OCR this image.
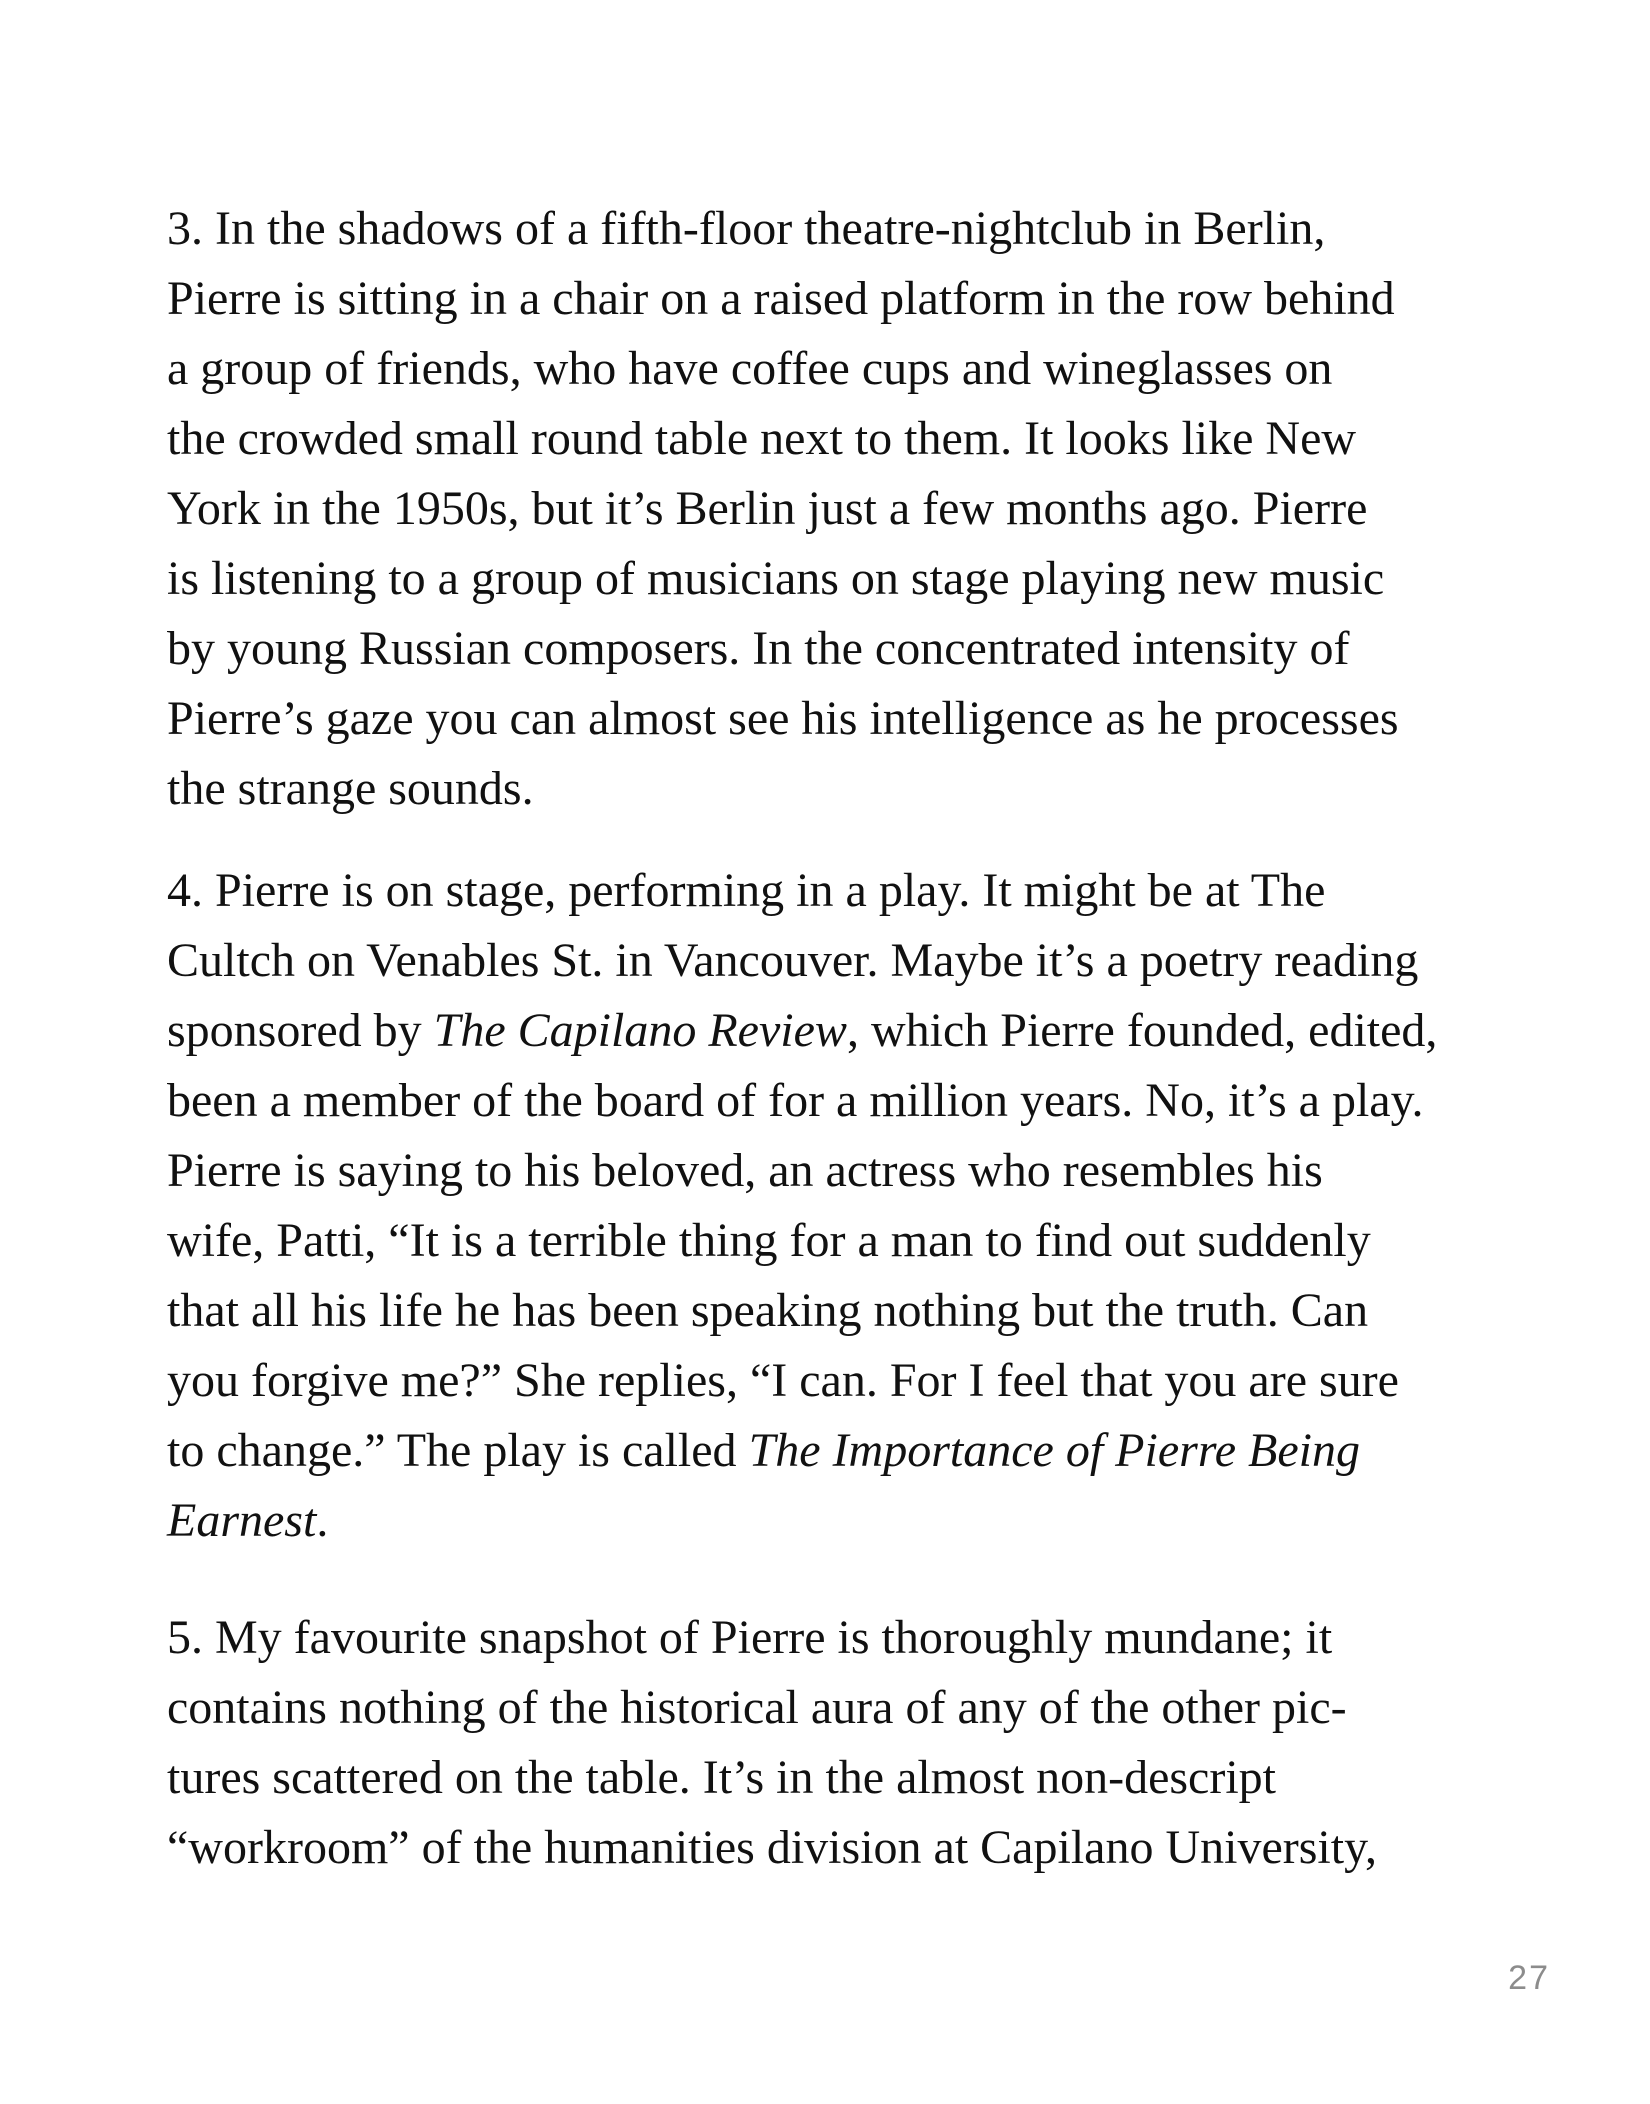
3. In the shadows of a fifth-floor theatre-nightclub in Berlin,
Pierre is sitting in a chair on a raised platform in the row behind
a group of friends, who have coffee cups and wineglasses on
the crowded small round table next to them. It looks like New
York in the 1950s, but it’s Berlin just a few months ago. Pierre
is listening to a group of musicians on stage playing new music
by young Russian composers. In the concentrated intensity of
Pierre’s gaze you can almost see his intelligence as he processes
the strange sounds.

4. Pierre is on stage, performing in a play. It might be at The
Cultch on Venables St. in Vancouver. Maybe it’s a poetry reading
sponsored by The Capilano Review, which Pierre founded, edited,
been a member of the board of for a million years. No, it’s a play.
Pierre is saying to his beloved, an actress who resembles his
wife, Patti, “It is a terrible thing for a man to find out suddenly
that all his life he has been speaking nothing but the truth. Can
you forgive me?” She replies, “I can. For I feel that you are sure
to change.” The play is called The Importance of Pierre Being
Earnest.

5. My favourite snapshot of Pierre is thoroughly mundane; it
contains nothing of the historical aura of any of the other pic-
tures scattered on the table. It’s in the almost non-descript
“workroom” of the humanities division at Capilano University,

27
